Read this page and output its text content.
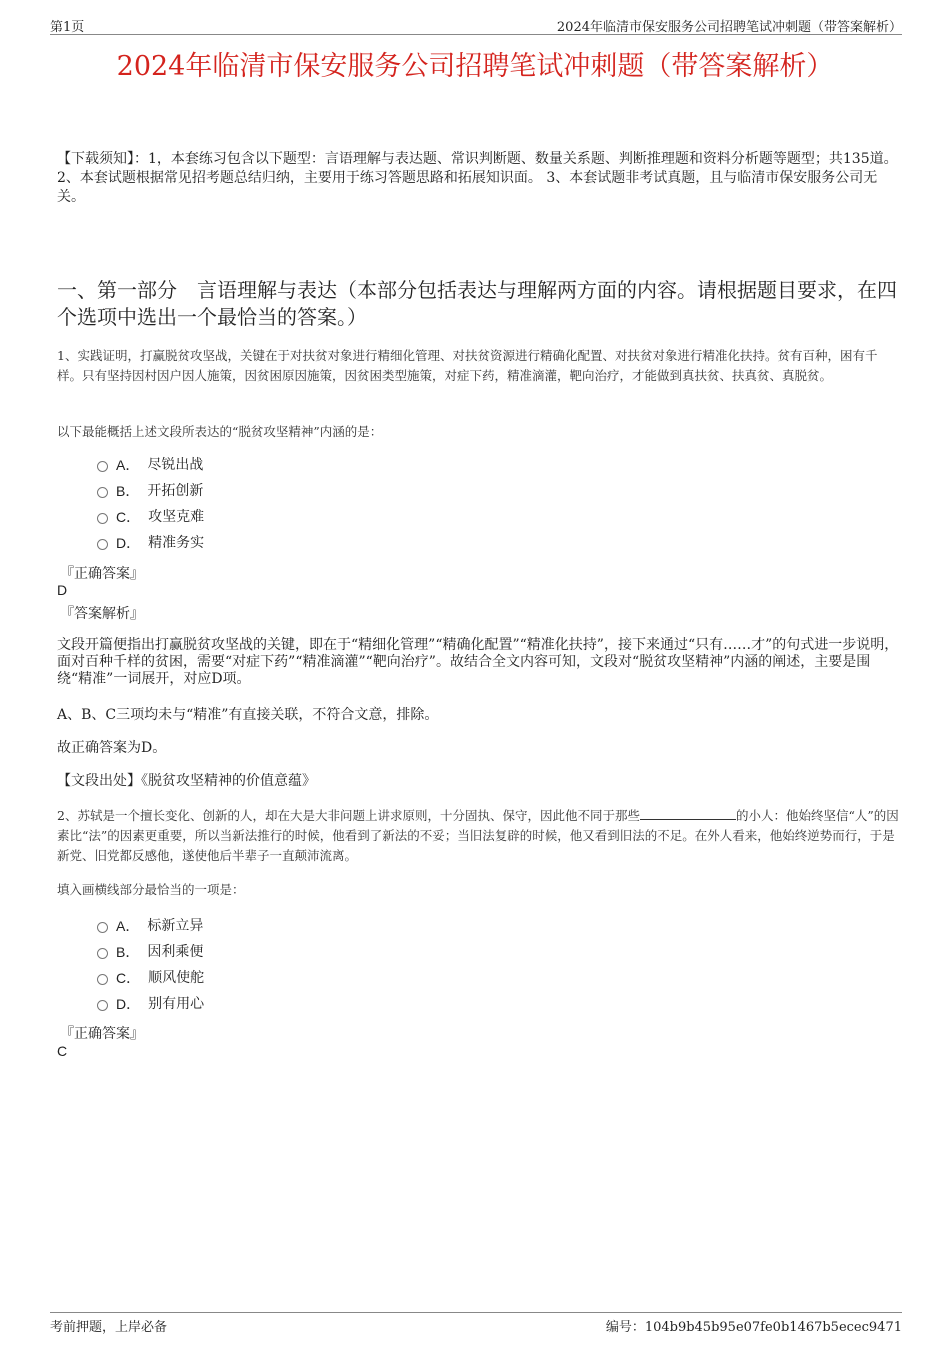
第1页	2024年临清市保安服务公司招聘笔试冲刺题（带答案解析）
2024年临清市保安服务公司招聘笔试冲刺题（带答案解析）
【下载须知】：1，本套练习包含以下题型：言语理解与表达题、常识判断题、数量关系题、判断推理题和资料分析题等题型；共135道。 2、本套试题根据常见招考题总结归纳，主要用于练习答题思路和拓展知识面。 3、本套试题非考试真题，且与临清市保安服务公司无关。
一、第一部分　言语理解与表达（本部分包括表达与理解两方面的内容。请根据题目要求，在四个选项中选出一个最恰当的答案。）
1、实践证明，打赢脱贫攻坚战，关键在于对扶贫对象进行精细化管理、对扶贫资源进行精确化配置、对扶贫对象进行精准化扶持。贫有百种，困有千样。只有坚持因村因户因人施策，因贫困原因施策，因贫困类型施策，对症下药，精准滴灌，靶向治疗，才能做到真扶贫、扶真贫、真脱贫。
以下最能概括上述文段所表达的“脱贫攻坚精神”内涵的是：
A． 尽锐出战
B． 开拓创新
C． 攻坚克难
D． 精准务实
『正确答案』
D
『答案解析』
文段开篇便指出打赢脱贫攻坚战的关键，即在于“精细化管理”“精确化配置”“精准化扶持”，接下来通过“只有……才”的句式进一步说明，面对百种千样的贫困，需要“对症下药”“精准滴灌”“靶向治疗”。故结合全文内容可知，文段对“脱贫攻坚精神”内涵的阐述，主要是围绕“精准”一词展开，对应D项。
A、B、C三项均未与“精准”有直接关联，不符合文意，排除。
故正确答案为D。
【文段出处】《脱贫攻坚精神的价值意蕴》
2、苏轼是一个擅长变化、创新的人，却在大是大非问题上讲求原则，十分固执、保守，因此他不同于那些	的小人：他始终坚信“人”的因素比“法”的因素更重要，所以当新法推行的时候，他看到了新法的不妥；当旧法复辟的时候，他又看到旧法的不足。在外人看来，他始终逆势而行，于是新党、旧党都反感他，遂使他后半辈子一直颠沛流离。
填入画横线部分最恰当的一项是：
A． 标新立异
B． 因利乘便
C． 顺风使舵
D． 别有用心
『正确答案』
C
考前押题，上岸必备	编号：104b9b45b95e07fe0b1467b5ecec9471
